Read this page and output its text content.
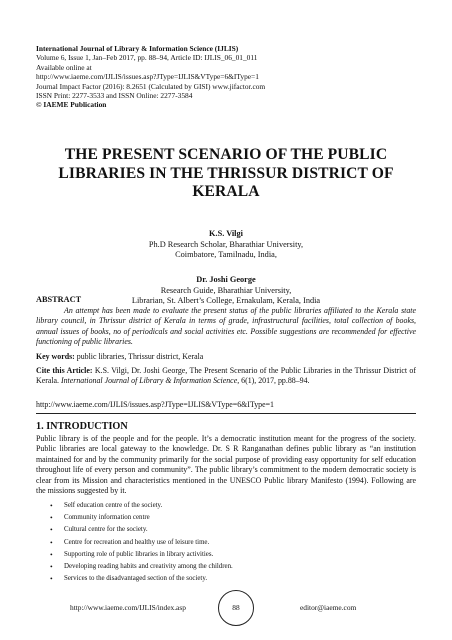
International Journal of Library & Information Science (IJLIS)
Volume 6, Issue 1, Jan–Feb 2017, pp. 88–94, Article ID: IJLIS_06_01_011
Available online at
http://www.iaeme.com/IJLIS/issues.asp?JType=IJLIS&VType=6&IType=1
Journal Impact Factor (2016): 8.2651 (Calculated by GISI) www.jifactor.com
ISSN Print: 2277-3533 and ISSN Online: 2277-3584
© IAEME Publication
THE PRESENT SCENARIO OF THE PUBLIC
LIBRARIES IN THE THRISSUR DISTRICT OF
KERALA
K.S. Vilgi
Ph.D Research Scholar, Bharathiar University,
Coimbatore, Tamilnadu, India,
Dr. Joshi George
Research Guide, Bharathiar University,
Librarian, St. Albert’s College, Ernakulam, Kerala, India
ABSTRACT
An attempt has been made to evaluate the present status of the public libraries affiliated to the Kerala state library council, in Thrissur district of Kerala in terms of grade, infrastructural facilities, total collection of books, annual issues of books, no of periodicals and social activities etc. Possible suggestions are recommended for effective functioning of public libraries.
Key words: public libraries, Thrissur district, Kerala
Cite this Article: K.S. Vilgi, Dr. Joshi George, The Present Scenario of the Public Libraries in the Thrissur District of Kerala. International Journal of Library & Information Science, 6(1), 2017, pp.88–94.
http://www.iaeme.com/IJLIS/issues.asp?JType=IJLIS&VType=6&IType=1
1. INTRODUCTION
Public library is of the people and for the people. It’s a democratic institution meant for the progress of the society. Public libraries are local gateway to the knowledge. Dr. S R Ranganathan defines public library as “an institution maintained for and by the community primarily for the social purpose of providing easy opportunity for self education throughout life of every person and community”. The public library’s commitment to the modern democratic society is clear from its Mission and characteristics mentioned in the UNESCO Public library Manifesto (1994). Following are the missions suggested by it.
• Self education centre of the society.
• Community information centre
• Cultural centre for the society.
• Centre for recreation and healthy use of leisure time.
• Supporting role of public libraries in library activities.
• Developing reading habits and creativity among the children.
• Services to the disadvantaged section of the society.
http://www.iaeme.com/IJLIS/index.asp	88	editor@iaeme.com
